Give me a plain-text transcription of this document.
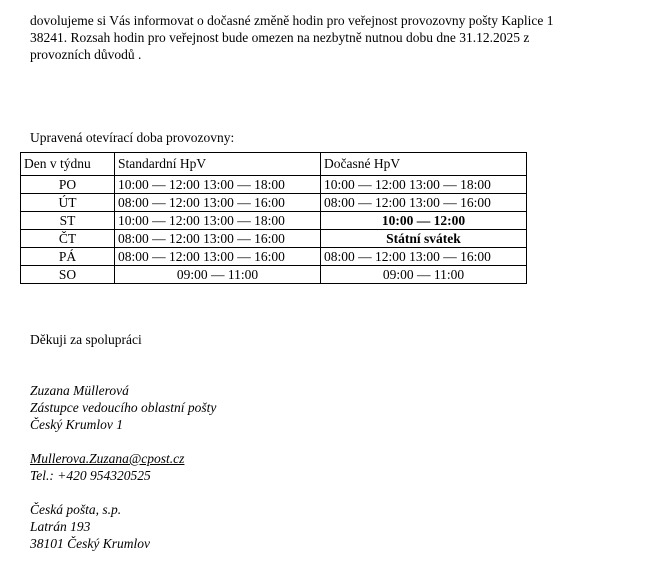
dovolujeme si Vás informovat o dočasné změně hodin pro veřejnost provozovny pošty Kaplice 1
38241. Rozsah hodin pro veřejnost bude omezen na nezbytně nutnou dobu dne 31.12.2025 z
provozních důvodů .

Upravená otevírací doba provozovny:

Den v týdnu	Standardní HpV	Dočasné HpV
PO	10:00 — 12:00 13:00 — 18:00	10:00 — 12:00 13:00 — 18:00
ÚT	08:00 — 12:00 13:00 — 16:00	08:00 — 12:00 13:00 — 16:00
ST	10:00 — 12:00 13:00 — 18:00	10:00 — 12:00
ČT	08:00 — 12:00 13:00 — 16:00	Státní svátek
PÁ	08:00 — 12:00 13:00 — 16:00	08:00 — 12:00 13:00 — 16:00
SO	09:00 — 11:00	09:00 — 11:00

Děkuji za spolupráci

Zuzana Müllerová
Zástupce vedoucího oblastní pošty
Český Krumlov 1

Mullerova.Zuzana@cpost.cz
Tel.: +420 954320525

Česká pošta, s.p.
Latrán 193
38101 Český Krumlov
